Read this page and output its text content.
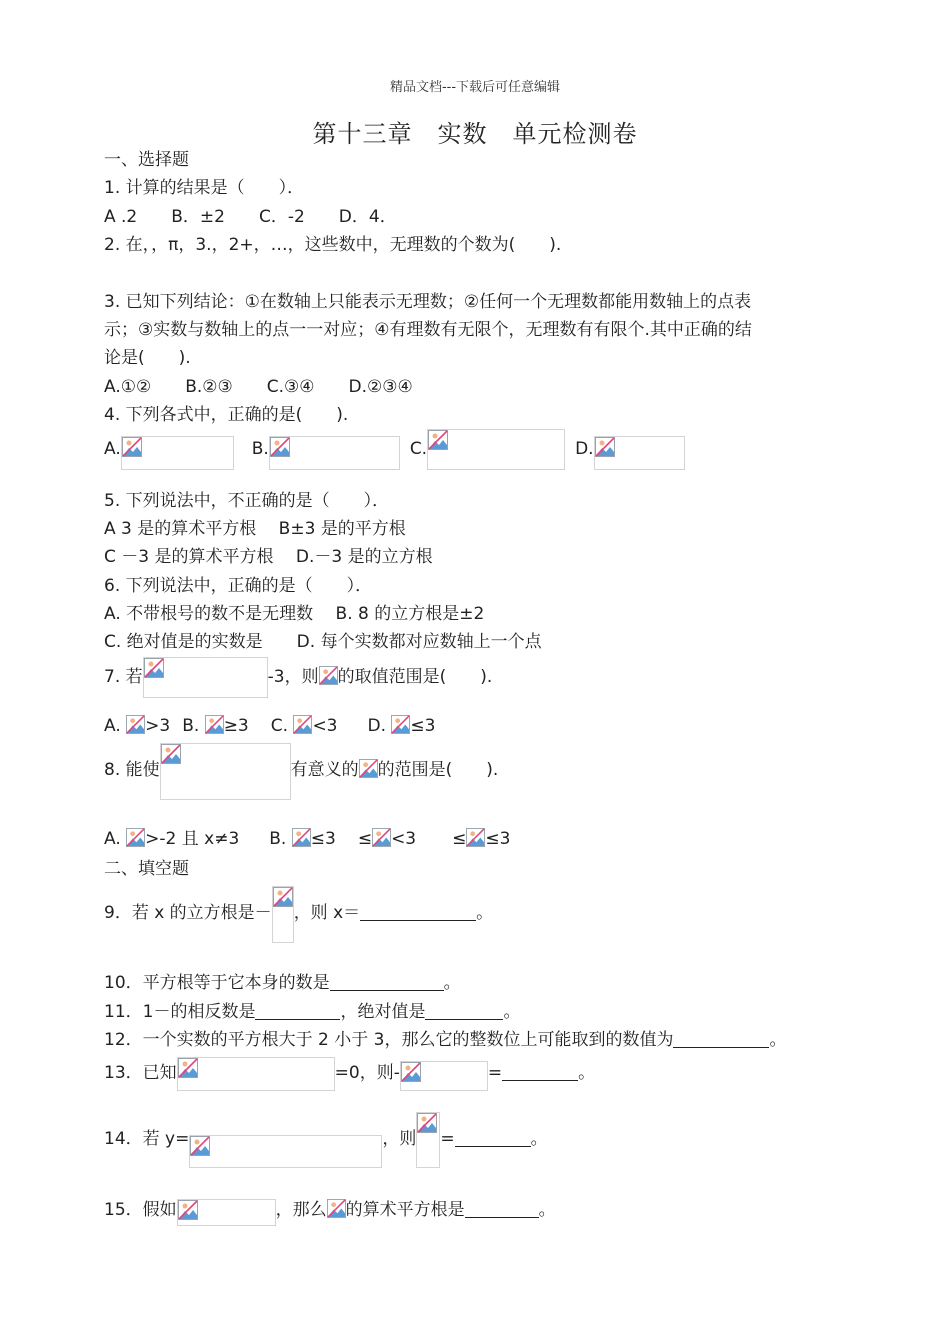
精品文档---下载后可任意编辑
第十三章　实数　单元检测卷
一、选择题
1. 计算的结果是（　　）．
A .2　　B．±2　　C．-2　　D．4．
2. 在，，π，3.，2+，…，这些数中，无理数的个数为(　　).
3. 已知下列结论：①在数轴上只能表示无理数；②任何一个无理数都能用数轴上的点表
示；③实数与数轴上的点一一对应；④有理数有无限个，无理数有有限个.其中正确的结
论是(　　).
A.①②　　B.②③　　C.③④　　D.②③④
4. 下列各式中，正确的是(　　).
A.	B.	C.	D.
5. 下列说法中，不正确的是（　　）．
A 3 是的算术平方根　 B±3 是的平方根
C －3 是的算术平方根　 D.－3 是的立方根
6. 下列说法中，正确的是（　　）．
A. 不带根号的数不是无理数　 B. 8 的立方根是±2
C. 绝对值是的实数是　　D. 每个实数都对应数轴上一个点
7. 若	-3，则 的取值范围是(　　).
A. >3 B. ≥3 C. <3 D. ≤3
8. 能使	有意义的 的范围是(　　).
A. >-2 且 x≠3 B. ≤3 ≤ <3 ≤ ≤3
二、填空题
9．若 x 的立方根是－ ，则 x＝	。
10．平方根等于它本身的数是	。
11．1－的相反数是	，绝对值是	。
12．一个实数的平方根大于 2 小于 3，那么它的整数位上可能取到的数值为	。
13．已知	=0，则-	=	。
14．若 y=	，则 =	。
15．假如	，那么 的算术平方根是	。
